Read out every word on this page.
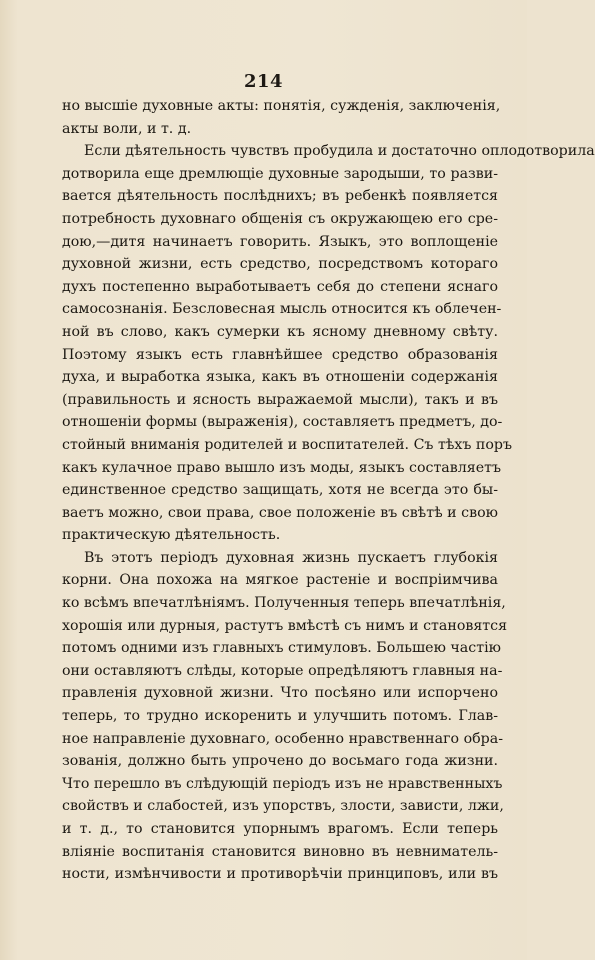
214
но высшіе духовные акты: понятія, сужденія, заключенія,
акты воли, и т. д.
Если дѣятельность чувствъ пробудила и достаточно оплодотворила
дотворила еще дремлющіе духовные зародыши, то разви-
вается дѣятельность послѣднихъ; въ ребенкѣ появляется
потребность духовнаго общенія съ окружающею его сре-
дою,—дитя начинаетъ говорить. Языкъ, это воплощеніе
духовной жизни, есть средство, посредствомъ котораго
духъ постепенно выработываетъ себя до степени яснаго
самосознанія. Безсловесная мысль относится къ облечен-
ной въ слово, какъ сумерки къ ясному дневному свѣту.
Поэтому языкъ есть главнѣйшее средство образованія
духа, и выработка языка, какъ въ отношеніи содержанія
(правильность и ясность выражаемой мысли), такъ и въ
отношеніи формы (выраженія), составляетъ предметъ, до-
стойный вниманія родителей и воспитателей. Съ тѣхъ поръ
какъ кулачное право вышло изъ моды, языкъ составляетъ
единственное средство защищать, хотя не всегда это бы-
ваетъ можно, свои права, свое положеніе въ свѣтѣ и свою
практическую дѣятельность.
Въ этотъ періодъ духовная жизнь пускаетъ глубокія
корни. Она похожа на мягкое растеніе и воспріимчива
ко всѣмъ впечатлѣніямъ. Полученныя теперь впечатлѣнія,
хорошія или дурныя, растутъ вмѣстѣ съ нимъ и становятся
потомъ одними изъ главныхъ стимуловъ. Большею частію
они оставляютъ слѣды, которые опредѣляютъ главныя на-
правленія духовной жизни. Что посѣяно или испорчено
теперь, то трудно искоренить и улучшить потомъ. Глав-
ное направленіе духовнаго, особенно нравственнаго обра-
зованія, должно быть упрочено до восьмаго года жизни.
Что перешло въ слѣдующій періодъ изъ не нравственныхъ
свойствъ и слабостей, изъ упорствъ, злости, зависти, лжи,
и т. д., то становится упорнымъ врагомъ. Если теперь
вліяніе воспитанія становится виновно въ невниматель-
ности, измѣнчивости и противорѣчіи принциповъ, или въ
